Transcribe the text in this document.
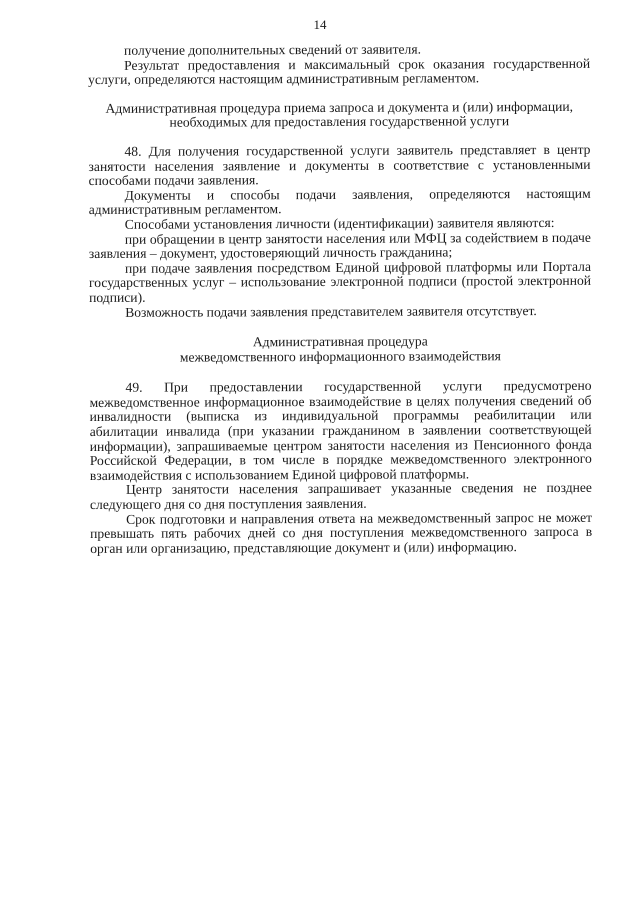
14

получение дополнительных сведений от заявителя.

Результат предоставления и максимальный срок оказания государственной услуги, определяются настоящим административным регламентом.

Административная процедура приема запроса и документа и (или) информации, необходимых для предоставления государственной услуги

48. Для получения государственной услуги заявитель представляет в центр занятости населения заявление и документы в соответствие с установленными способами подачи заявления.

Документы и способы подачи заявления, определяются настоящим административным регламентом.

Способами установления личности (идентификации) заявителя являются:

при обращении в центр занятости населения или МФЦ за содействием в подаче заявления – документ, удостоверяющий личность гражданина;

при подаче заявления посредством Единой цифровой платформы или Портала государственных услуг – использование электронной подписи (простой электронной подписи).

Возможность подачи заявления представителем заявителя отсутствует.

Административная процедура

межведомственного информационного взаимодействия

49. При предоставлении государственной услуги предусмотрено межведомственное информационное взаимодействие в целях получения сведений об инвалидности (выписка из индивидуальной программы реабилитации или абилитации инвалида (при указании гражданином в заявлении соответствующей информации), запрашиваемые центром занятости населения из Пенсионного фонда Российской Федерации, в том числе в порядке межведомственного электронного взаимодействия с использованием Единой цифровой платформы.

Центр занятости населения запрашивает указанные сведения не позднее следующего дня со дня поступления заявления.

Срок подготовки и направления ответа на межведомственный запрос не может превышать пять рабочих дней со дня поступления межведомственного запроса в орган или организацию, представляющие документ и (или) информацию.
